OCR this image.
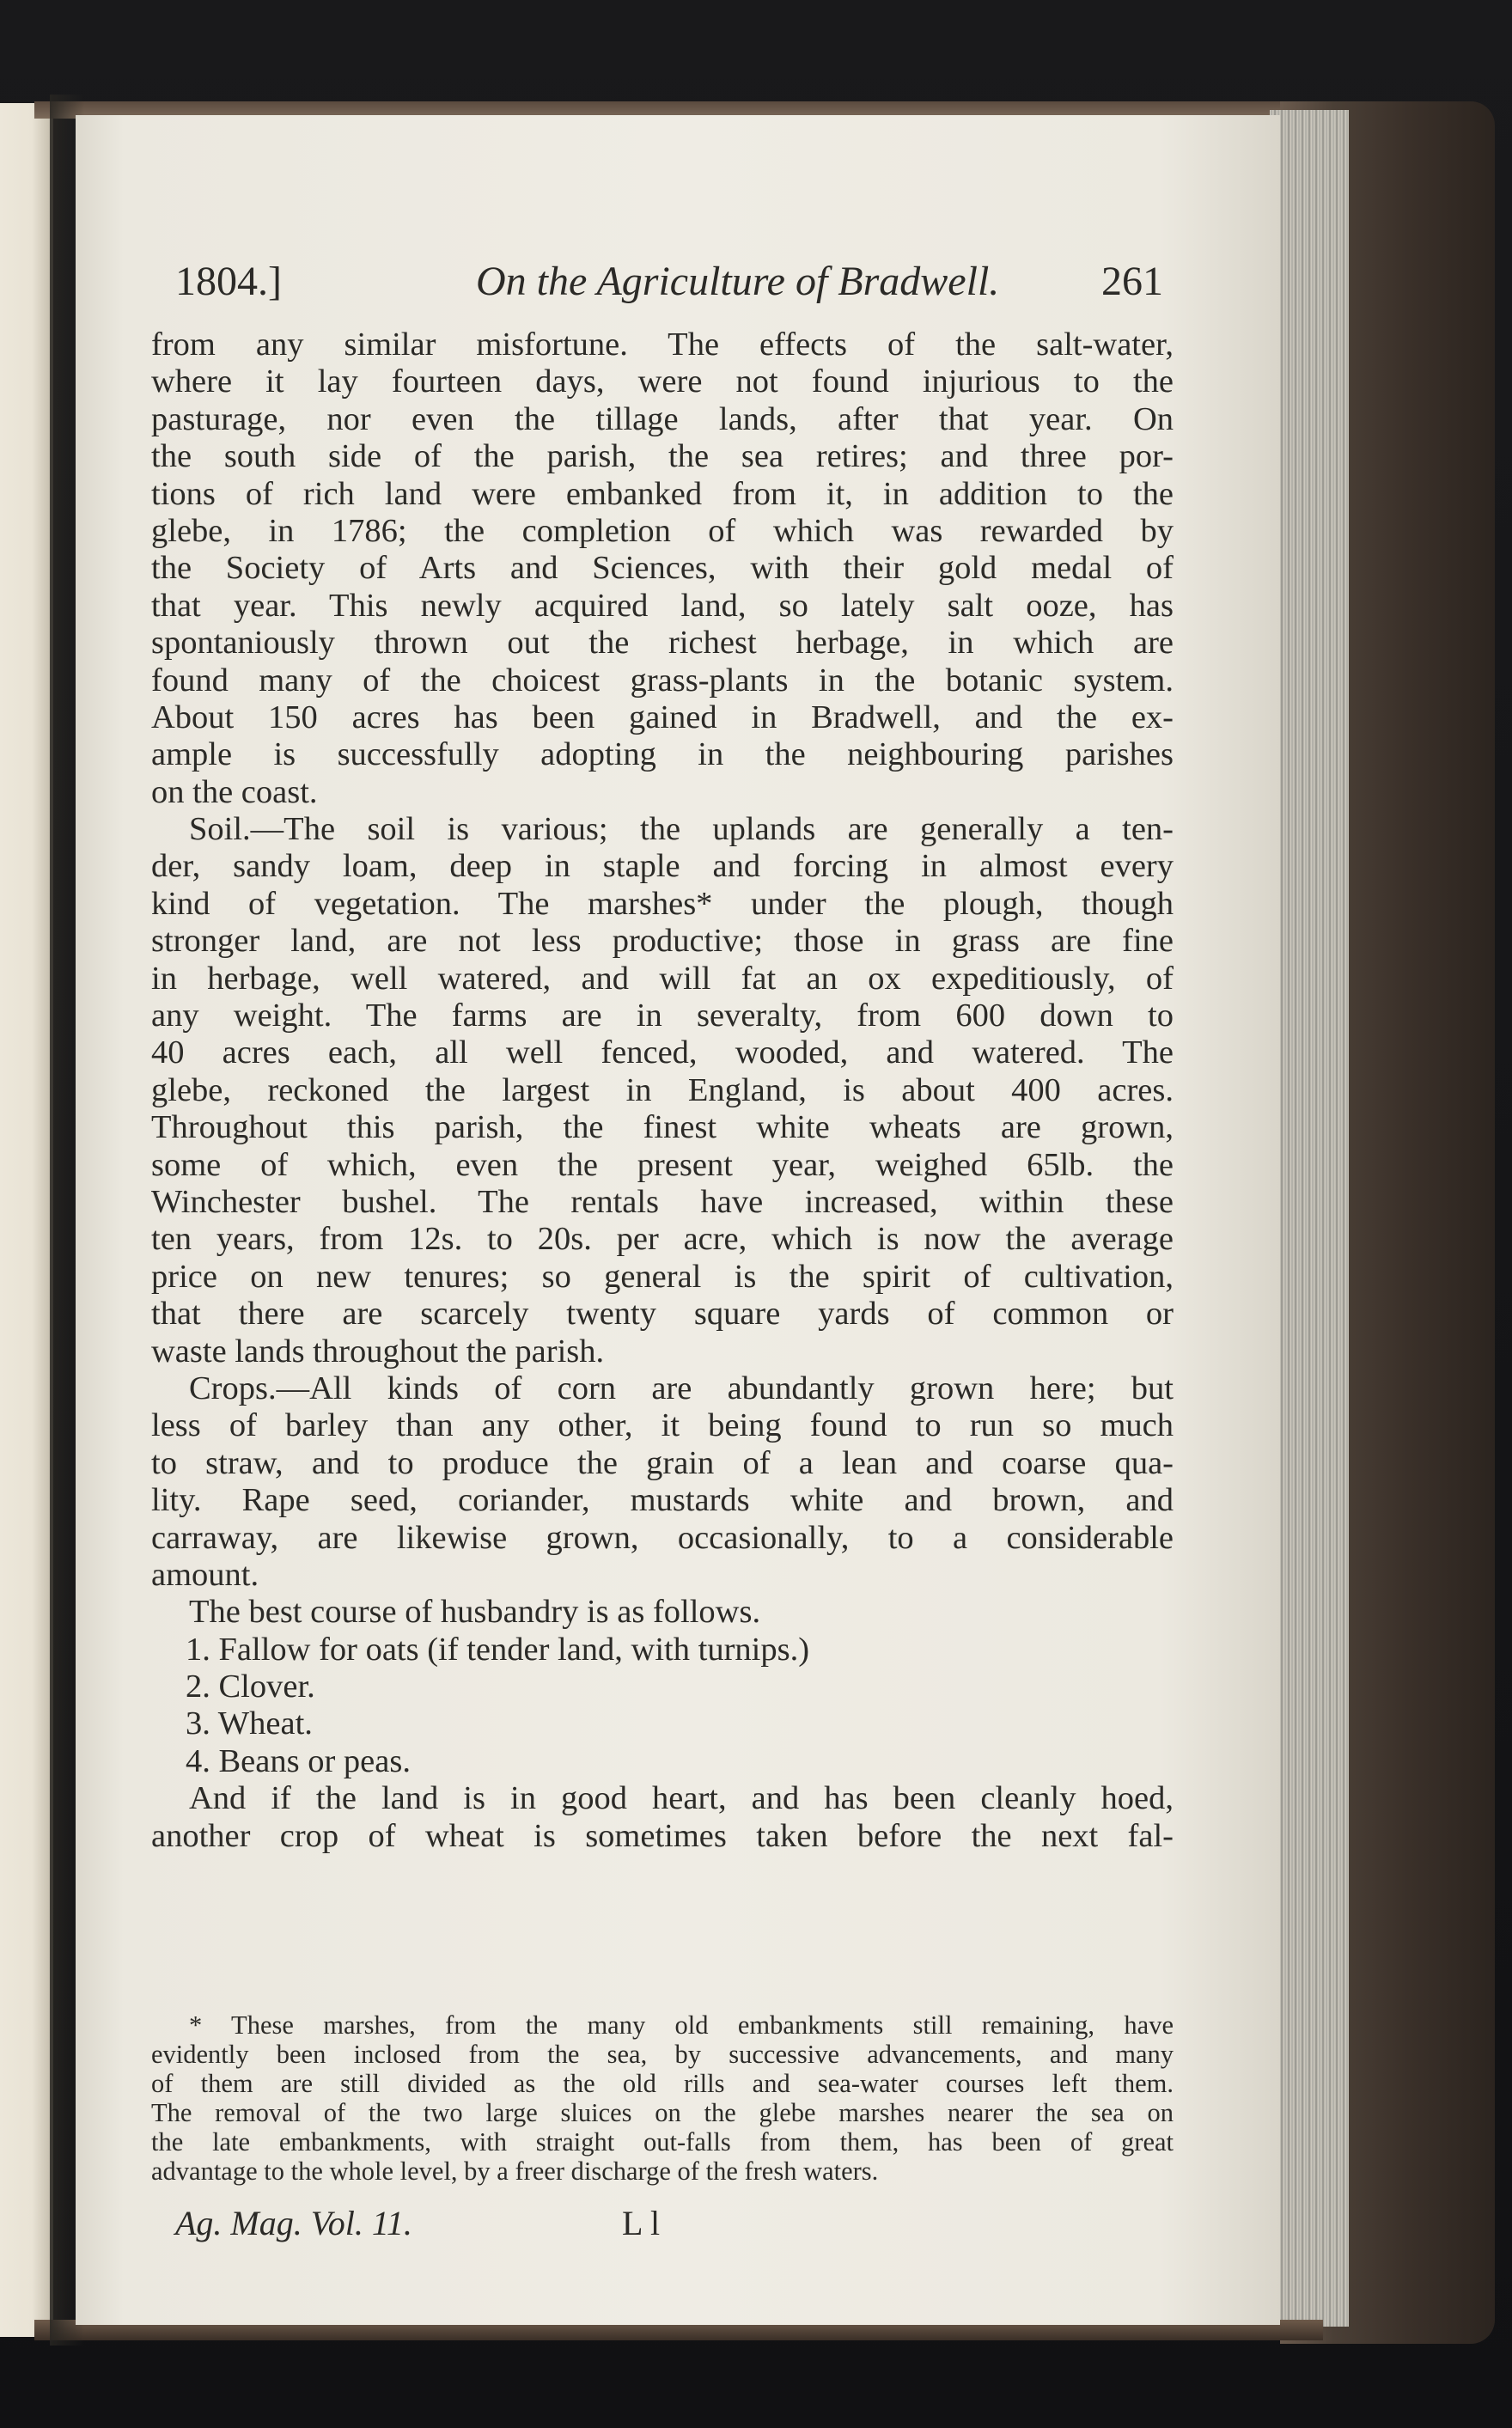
1804.]	On the Agriculture of Bradwell. 261
from any similar misfortune. The effects of the salt-water,
where it lay fourteen days, were not found injurious to the
pasturage, nor even the tillage lands, after that year. On
the south side of the parish, the sea retires; and three por-
tions of rich land were embanked from it, in addition to the
glebe, in 1786; the completion of which was rewarded by
the Society of Arts and Sciences, with their gold medal of
that year. This newly acquired land, so lately salt ooze, has
spontaniously thrown out the richest herbage, in which are
found many of the choicest grass-plants in the botanic system.
About 150 acres has been gained in Bradwell, and the ex-
ample is successfully adopting in the neighbouring parishes
on the coast.
Soil.—The soil is various; the uplands are generally a ten-
der, sandy loam, deep in staple and forcing in almost every
kind of vegetation. The marshes* under the plough, though
stronger land, are not less productive; those in grass are fine
in herbage, well watered, and will fat an ox expeditiously, of
any weight. The farms are in severalty, from 600 down to
40 acres each, all well fenced, wooded, and watered. The
glebe, reckoned the largest in England, is about 400 acres.
Throughout this parish, the finest white wheats are grown,
some of which, even the present year, weighed 65lb. the
Winchester bushel. The rentals have increased, within these
ten years, from 12s. to 20s. per acre, which is now the average
price on new tenures; so general is the spirit of cultivation,
that there are scarcely twenty square yards of common or
waste lands throughout the parish.
Crops.—All kinds of corn are abundantly grown here; but
less of barley than any other, it being found to run so much
to straw, and to produce the grain of a lean and coarse qua-
lity. Rape seed, coriander, mustards white and brown, and
carraway, are likewise grown, occasionally, to a considerable
amount.
The best course of husbandry is as follows.
1. Fallow for oats (if tender land, with turnips.)
2. Clover.
3. Wheat.
4. Beans or peas.
And if the land is in good heart, and has been cleanly hoed,
another crop of wheat is sometimes taken before the next fal-
* These marshes, from the many old embankments still remaining, have
evidently been inclosed from the sea, by successive advancements, and many
of them are still divided as the old rills and sea-water courses left them.
The removal of the two large sluices on the glebe marshes nearer the sea on
the late embankments, with straight out-falls from them, has been of great
advantage to the whole level, by a freer discharge of the fresh waters.
Ag. Mag. Vol. 11.	L l
